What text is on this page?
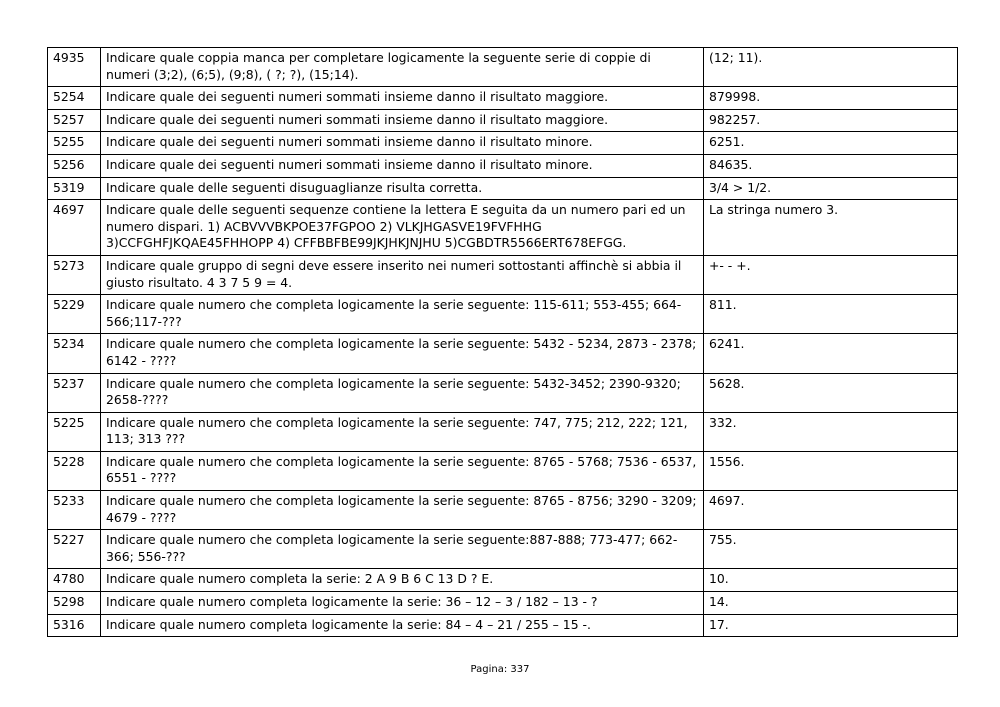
4935	Indicare quale coppia manca per completare logicamente la seguente serie di coppie di numeri (3;2), (6;5), (9;8), ( ?; ?), (15;14).	(12; 11).
5254	Indicare quale dei seguenti numeri sommati insieme danno il risultato maggiore.	879998.
5257	Indicare quale dei seguenti numeri sommati insieme danno il risultato maggiore.	982257.
5255	Indicare quale dei seguenti numeri sommati insieme danno il risultato minore.	6251.
5256	Indicare quale dei seguenti numeri sommati insieme danno il risultato minore.	84635.
5319	Indicare quale delle seguenti disuguaglianze risulta corretta.	3/4 > 1/2.
4697	Indicare quale delle seguenti sequenze contiene la lettera E seguita da un numero pari ed un numero dispari. 1) ACBVVVBKPOE37FGPOO 2) VLKJHGASVE19FVFHHG 3)CCFGHFJKQAE45FHHOPP 4) CFFBBFBE99JKJHKJNJHU 5)CGBDTR5566ERT678EFGG.	La stringa numero 3.
5273	Indicare quale gruppo di segni deve essere inserito nei numeri sottostanti affinchè si abbia il giusto risultato. 4 3 7 5 9 = 4.	+- - +.
5229	Indicare quale numero che completa logicamente la serie seguente: 115-611; 553-455; 664-566;117-???	811.
5234	Indicare quale numero che completa logicamente la serie seguente: 5432 - 5234, 2873 - 2378; 6142 - ????	6241.
5237	Indicare quale numero che completa logicamente la serie seguente: 5432-3452; 2390-9320; 2658-????	5628.
5225	Indicare quale numero che completa logicamente la serie seguente: 747, 775; 212, 222; 121, 113; 313 ???	332.
5228	Indicare quale numero che completa logicamente la serie seguente: 8765 - 5768; 7536 - 6537, 6551 - ????	1556.
5233	Indicare quale numero che completa logicamente la serie seguente: 8765 - 8756; 3290 - 3209; 4679 - ????	4697.
5227	Indicare quale numero che completa logicamente la serie seguente:887-888; 773-477; 662-366; 556-???	755.
4780	Indicare quale numero completa la serie: 2 A 9 B 6 C 13 D ? E.	10.
5298	Indicare quale numero completa logicamente la serie: 36 – 12 – 3 / 182 – 13 - ?	14.
5316	Indicare quale numero completa logicamente la serie: 84 – 4 – 21 / 255 – 15 -.	17.
Pagina: 337
